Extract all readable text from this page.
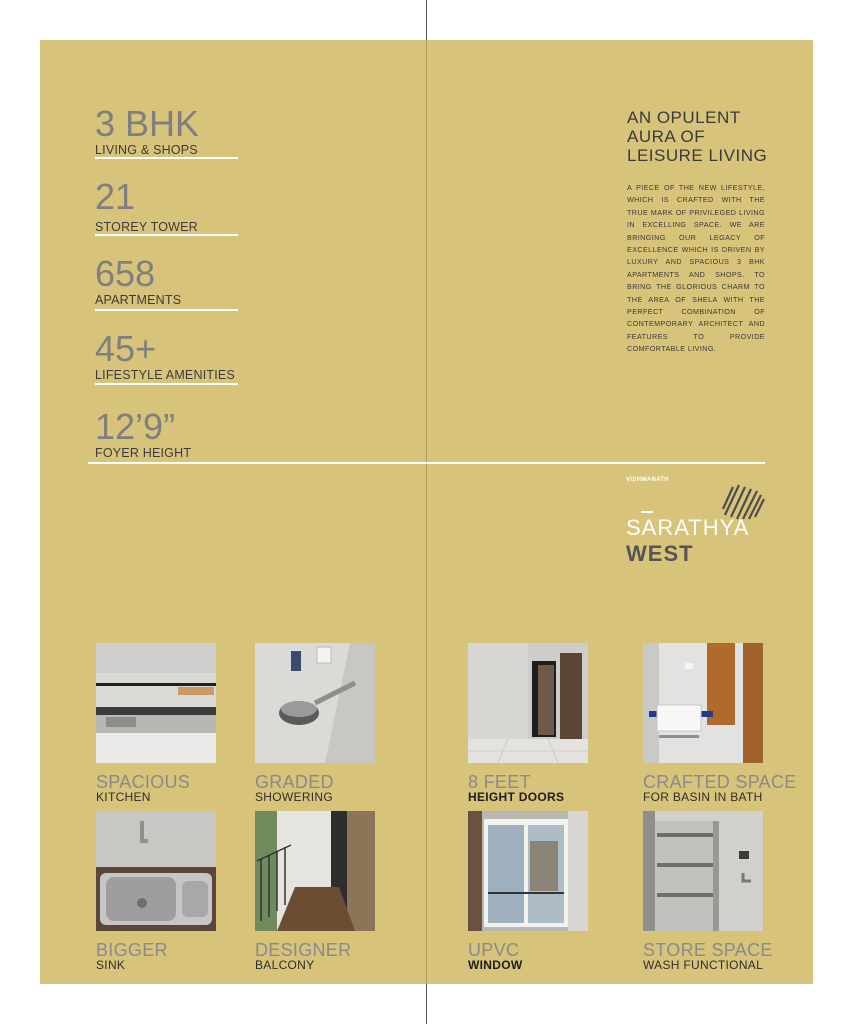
3 BHK
LIVING & SHOPS
21
STOREY TOWER
658
APARTMENTS
45+
LIFESTYLE AMENITIES
12’9”
FOYER HEIGHT
AN OPULENT
AURA OF
LEISURE LIVING
A PIECE OF THE NEW LIFESTYLE, WHICH IS CRAFTED WITH THE TRUE MARK OF PRIVILEGED LIVING IN EXCELLING SPACE. WE ARE BRINGING OUR LEGACY OF EXCELLENCE WHICH IS DRIVEN BY LUXURY AND SPACIOUS 3 BHK APARTMENTS AND SHOPS. TO BRING THE GLORIOUS CHARM TO THE AREA OF SHELA WITH THE PERFECT COMBINATION OF CONTEMPORARY ARCHITECT AND FEATURES TO PROVIDE COMFORTABLE LIVING.
VISHWANATH
SARATHYA
WEST
SPACIOUS
KITCHEN
GRADED
SHOWERING
8 FEET
HEIGHT DOORS
CRAFTED SPACE
FOR BASIN IN BATH
BIGGER
SINK
DESIGNER
BALCONY
UPVC
WINDOW
STORE SPACE
WASH FUNCTIONAL
